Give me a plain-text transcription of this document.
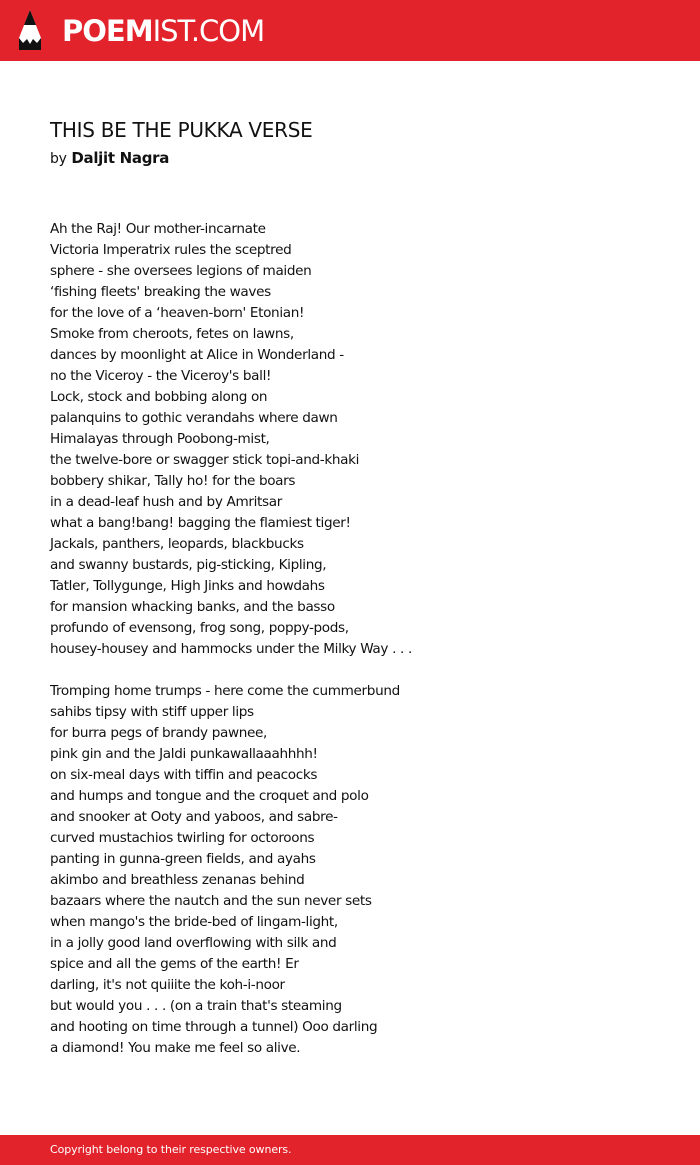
POEMIST.COM
THIS BE THE PUKKA VERSE
by Daljit Nagra
Ah the Raj! Our mother-incarnate
Victoria Imperatrix rules the sceptred
sphere - she oversees legions of maiden
‘fishing fleets' breaking the waves
for the love of a ‘heaven-born' Etonian!
Smoke from cheroots, fetes on lawns,
dances by moonlight at Alice in Wonderland -
no the Viceroy - the Viceroy's ball!
Lock, stock and bobbing along on
palanquins to gothic verandahs where dawn
Himalayas through Poobong-mist,
the twelve-bore or swagger stick topi-and-khaki
bobbery shikar, Tally ho! for the boars
in a dead-leaf hush and by Amritsar
what a bang!bang! bagging the flamiest tiger!
Jackals, panthers, leopards, blackbucks
and swanny bustards, pig-sticking, Kipling,
Tatler, Tollygunge, High Jinks and howdahs
for mansion whacking banks, and the basso
profundo of evensong, frog song, poppy-pods,
housey-housey and hammocks under the Milky Way . . .
Tromping home trumps - here come the cummerbund
sahibs tipsy with stiff upper lips
for burra pegs of brandy pawnee,
pink gin and the Jaldi punkawallaaahhhh!
on six-meal days with tiffin and peacocks
and humps and tongue and the croquet and polo
and snooker at Ooty and yaboos, and sabre-
curved mustachios twirling for octoroons
panting in gunna-green fields, and ayahs
akimbo and breathless zenanas behind
bazaars where the nautch and the sun never sets
when mango's the bride-bed of lingam-light,
in a jolly good land overflowing with silk and
spice and all the gems of the earth! Er
darling, it's not quiiite the koh-i-noor
but would you . . . (on a train that's steaming
and hooting on time through a tunnel) Ooo darling
a diamond! You make me feel so alive.
Copyright belong to their respective owners.
